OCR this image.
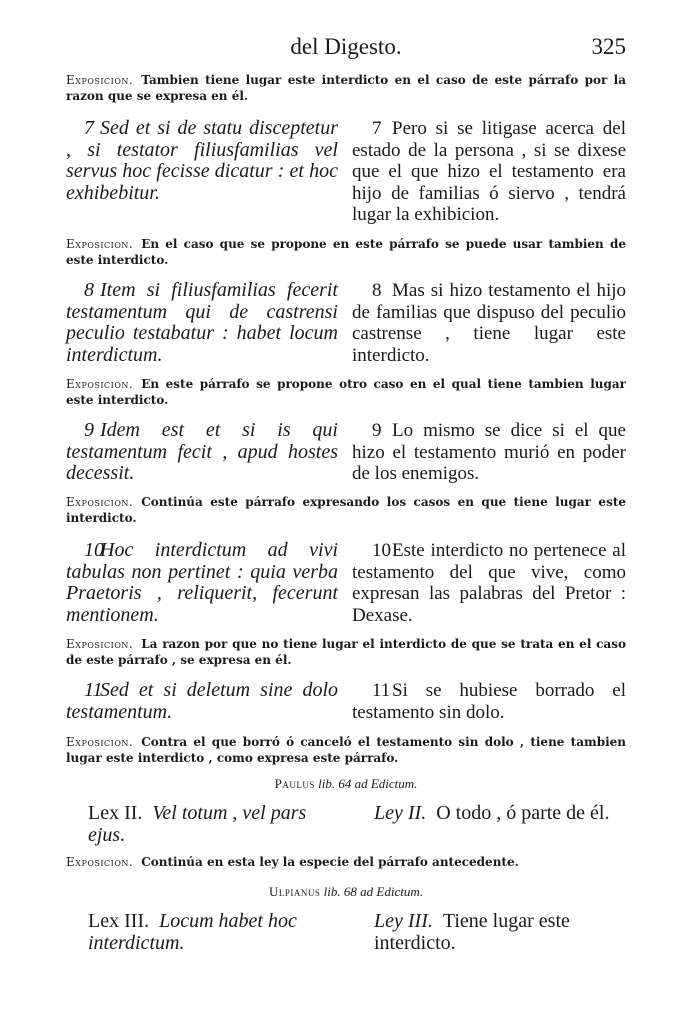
del Digesto.	325
Exposicion. Tambien tiene lugar este interdicto en el caso de este párrafo por la razon que se expresa en él.
7 Sed et si de statu disceptetur , si testator filiusfamilias vel servus hoc fecisse dicatur : et hoc exhibebitur.
7 Pero si se litigase acerca del estado de la persona , si se dixese que el que hizo el testamento era hijo de familias ó siervo , tendrá lugar la exhibicion.
Exposicion. En el caso que se propone en este párrafo se puede usar tambien de este interdicto.
8 Item si filiusfamilias fecerit testamentum qui de castrensi peculio testabatur : habet locum interdictum.
8 Mas si hizo testamento el hijo de familias que dispuso del peculio castrense , tiene lugar este interdicto.
Exposicion. En este párrafo se propone otro caso en el qual tiene tambien lugar este interdicto.
9 Idem est et si is qui testamentum fecit , apud hostes decessit.
9 Lo mismo se dice si el que hizo el testamento murió en poder de los enemigos.
Exposicion. Continúa este párrafo expresando los casos en que tiene lugar este interdicto.
10Hoc interdictum ad vivi tabulas non pertinet : quia verba Praetoris , reliquerit, fecerunt mentionem.
10Este interdicto no pertenece al testamento del que vive, como expresan las palabras del Pretor : Dexase.
Exposicion. La razon por que no tiene lugar el interdicto de que se trata en el caso de este párrafo , se expresa en él.
11Sed et si deletum sine dolo testamentum.
11Si se hubiese borrado el testamento sin dolo.
Exposicion. Contra el que borró ó canceló el testamento sin dolo , tiene tambien lugar este interdicto , como expresa este párrafo.
Paulus lib. 64 ad Edictum.
Lex II. Vel totum , vel pars ejus.
Ley II. O todo , ó parte de él.
Exposicion. Continúa en esta ley la especie del párrafo antecedente.
Ulpianus lib. 68 ad Edictum.
Lex III. Locum habet hoc interdictum.
Ley III. Tiene lugar este interdicto.
